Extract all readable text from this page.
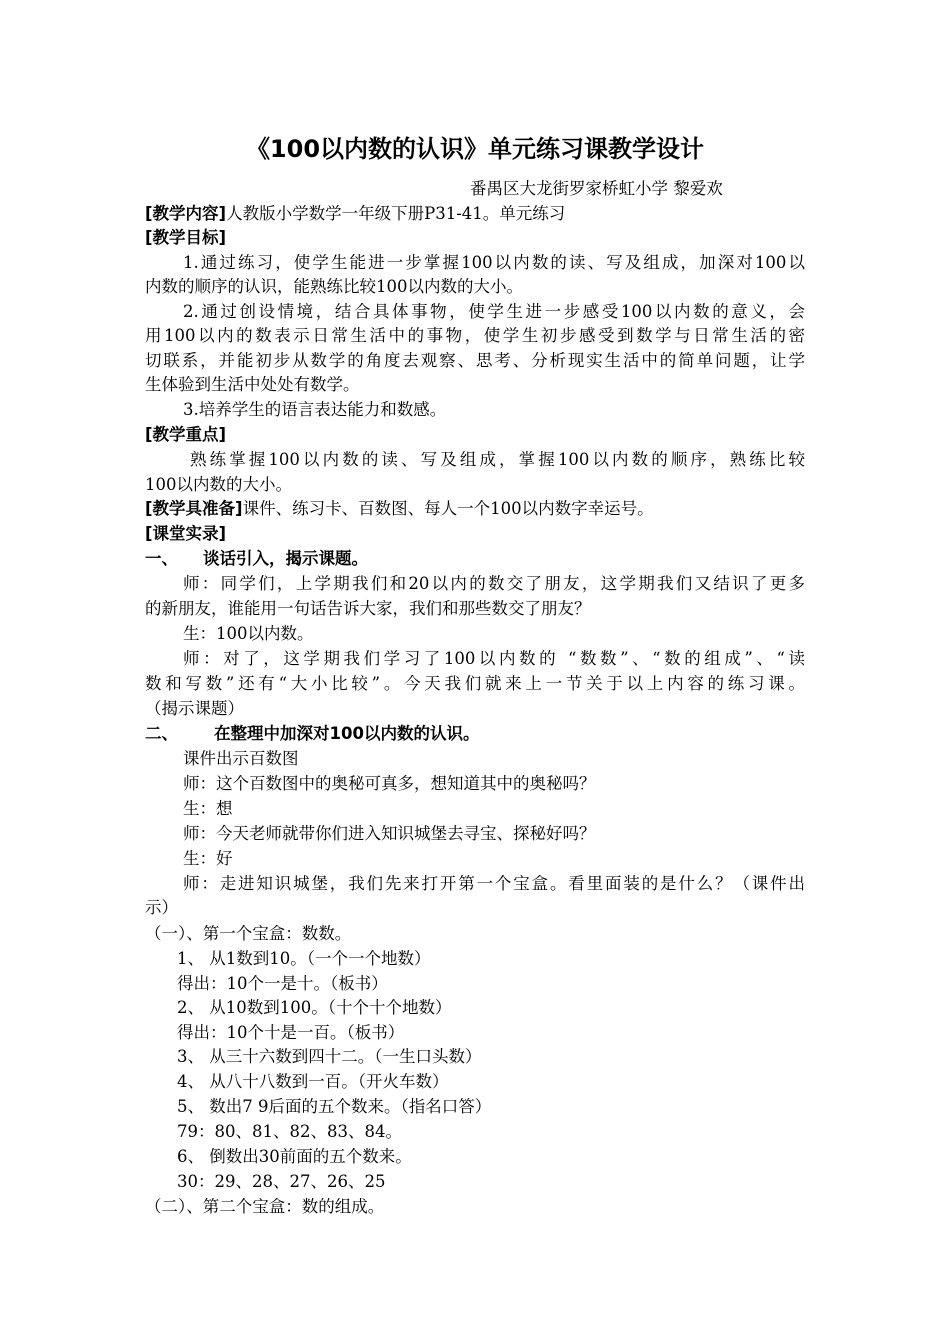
《100以内数的认识》单元练习课教学设计
番禺区大龙街罗家桥虹小学 黎爱欢
[教学内容]人教版小学数学一年级下册P31-41。单元练习
[教学目标]
1.通过练习，使学生能进一步掌握100以内数的读、写及组成，加深对100以
内数的顺序的认识，能熟练比较100以内数的大小。
2.通过创设情境，结合具体事物，使学生进一步感受100以内数的意义，会
用100以内的数表示日常生活中的事物，使学生初步感受到数学与日常生活的密
切联系，并能初步从数学的角度去观察、思考、分析现实生活中的简单问题，让学
生体验到生活中处处有数学。
3.培养学生的语言表达能力和数感。
[教学重点]
熟练掌握100以内数的读、写及组成，掌握100以内数的顺序，熟练比较
100以内数的大小。
[教学具准备]课件、练习卡、百数图、每人一个100以内数字幸运号。
[课堂实录]
一、 谈话引入，揭示课题。
师：同学们，上学期我们和20以内的数交了朋友，这学期我们又结识了更多
的新朋友，谁能用一句话告诉大家，我们和那些数交了朋友？
生：100以内数。
师：对了，这学期我们学习了100以内数的 “数数”、“数的组成”、“读
数和写数”还有“大小比较”。今天我们就来上一节关于以上内容的练习课。
（揭示课题）
二、 在整理中加深对100以内数的认识。
课件出示百数图
师：这个百数图中的奥秘可真多，想知道其中的奥秘吗？
生：想
师：今天老师就带你们进入知识城堡去寻宝、探秘好吗？
生：好
师：走进知识城堡，我们先来打开第一个宝盒。看里面装的是什么？（课件出
示）
（一）、第一个宝盒：数数。
1、 从1数到10。（一个一个地数）
得出：10个一是十。（板书）
2、 从10数到100。（十个十个地数）
得出：10个十是一百。（板书）
3、 从三十六数到四十二。（一生口头数）
4、 从八十八数到一百。（开火车数）
5、 数出7 9后面的五个数来。（指名口答）
79：80、81、82、83、84。
6、 倒数出30前面的五个数来。
30：29、28、27、26、25
（二）、第二个宝盒：数的组成。
